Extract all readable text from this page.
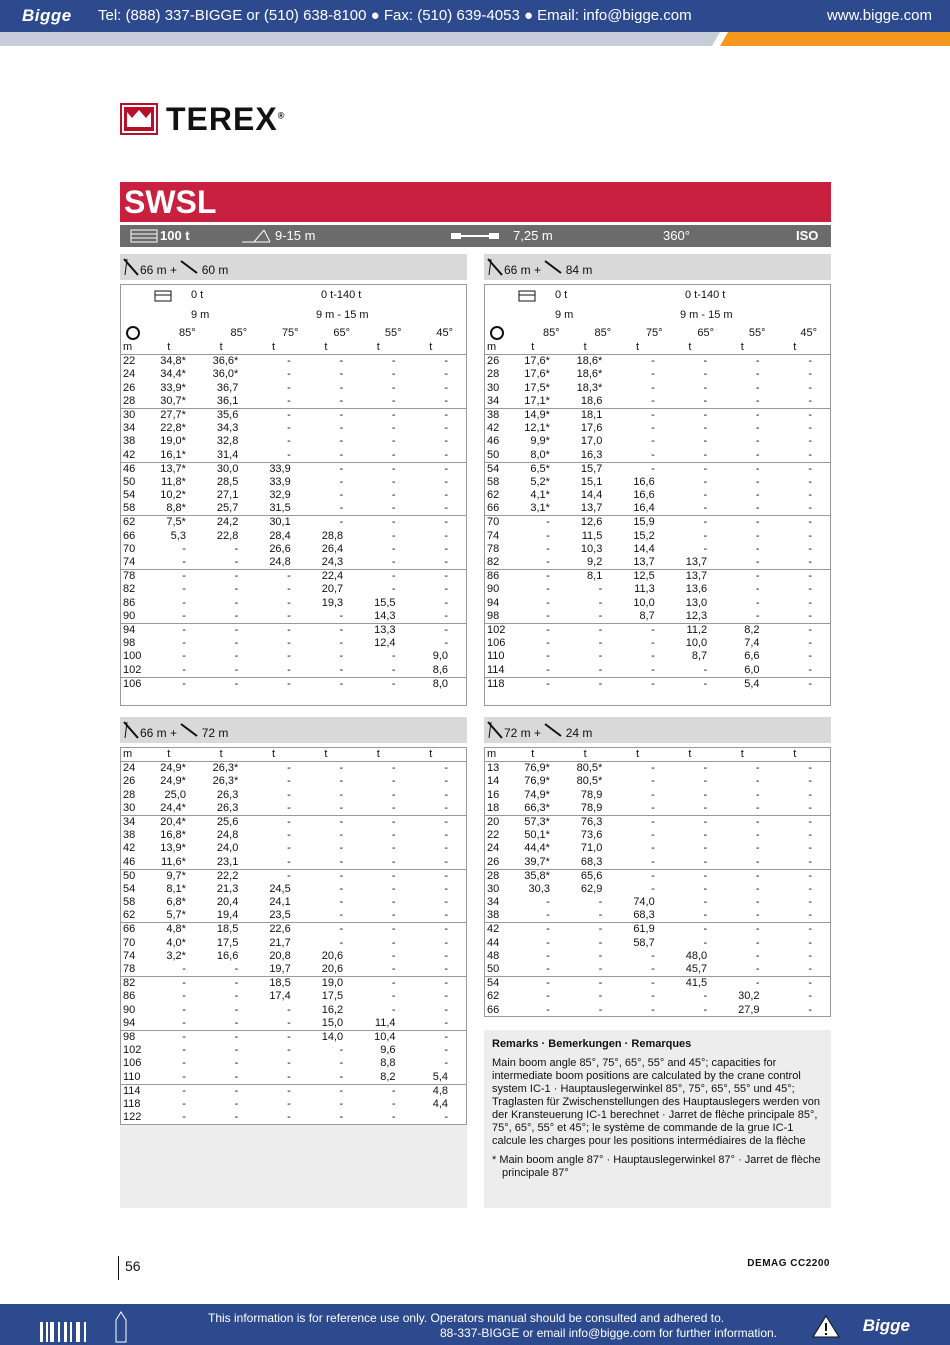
Bigge Tel: (888) 337-BIGGE or (510) 638-8100 ● Fax: (510) 639-4053 ● Email: info@bigge.com	www.bigge.com
TEREX®
SWSL
100 t	9-15 m	7,25 m	360°	ISO
66 m + 60 m
0 t	0 t-140 t
9 m	9 m - 15 m
85°	85°	75°	65°	55°	45°
m	t	t	t	t	t	t
22	34,8*	36,6*	-	-	-	-
24	34,4*	36,0*	-	-	-	-
26	33,9*	36,7	-	-	-	-
28	30,7*	36,1	-	-	-	-
30	27,7*	35,6	-	-	-	-
34	22,8*	34,3	-	-	-	-
38	19,0*	32,8	-	-	-	-
42	16,1*	31,4	-	-	-	-
46	13,7*	30,0	33,9	-	-	-
50	11,8*	28,5	33,9	-	-	-
54	10,2*	27,1	32,9	-	-	-
58	8,8*	25,7	31,5	-	-	-
62	7,5*	24,2	30,1	-	-	-
66	5,3	22,8	28,4	28,8	-	-
70	-	-	26,6	26,4	-	-
74	-	-	24,8	24,3	-	-
78	-	-	-	22,4	-	-
82	-	-	-	20,7	-	-
86	-	-	-	19,3	15,5	-
90	-	-	-	-	14,3	-
94	-	-	-	-	13,3	-
98	-	-	-	-	12,4	-
100	-	-	-	-	-	9,0
102	-	-	-	-	-	8,6
106	-	-	-	-	-	8,0
66 m + 84 m
0 t	0 t-140 t
9 m	9 m - 15 m
85°	85°	75°	65°	55°	45°
m	t	t	t	t	t	t
26	17,6*	18,6*	-	-	-	-
28	17,6*	18,6*	-	-	-	-
30	17,5*	18,3*	-	-	-	-
34	17,1*	18,6	-	-	-	-
38	14,9*	18,1	-	-	-	-
42	12,1*	17,6	-	-	-	-
46	9,9*	17,0	-	-	-	-
50	8,0*	16,3	-	-	-	-
54	6,5*	15,7	-	-	-	-
58	5,2*	15,1	16,6	-	-	-
62	4,1*	14,4	16,6	-	-	-
66	3,1*	13,7	16,4	-	-	-
70	-	12,6	15,9	-	-	-
74	-	11,5	15,2	-	-	-
78	-	10,3	14,4	-	-	-
82	-	9,2	13,7	13,7	-	-
86	-	8,1	12,5	13,7	-	-
90	-	-	11,3	13,6	-	-
94	-	-	10,0	13,0	-	-
98	-	-	8,7	12,3	-	-
102	-	-	-	11,2	8,2	-
106	-	-	-	10,0	7,4	-
110	-	-	-	8,7	6,6	-
114	-	-	-	-	6,0	-
118	-	-	-	-	5,4	-
66 m + 72 m
m	t	t	t	t	t	t
24	24,9*	26,3*	-	-	-	-
26	24,9*	26,3*	-	-	-	-
28	25,0	26,3	-	-	-	-
30	24,4*	26,3	-	-	-	-
34	20,4*	25,6	-	-	-	-
38	16,8*	24,8	-	-	-	-
42	13,9*	24,0	-	-	-	-
46	11,6*	23,1	-	-	-	-
50	9,7*	22,2	-	-	-	-
54	8,1*	21,3	24,5	-	-	-
58	6,8*	20,4	24,1	-	-	-
62	5,7*	19,4	23,5	-	-	-
66	4,8*	18,5	22,6	-	-	-
70	4,0*	17,5	21,7	-	-	-
74	3,2*	16,6	20,8	20,6	-	-
78	-	-	19,7	20,6	-	-
82	-	-	18,5	19,0	-	-
86	-	-	17,4	17,5	-	-
90	-	-	-	16,2	-	-
94	-	-	-	15,0	11,4	-
98	-	-	-	14,0	10,4	-
102	-	-	-	-	9,6	-
106	-	-	-	-	8,8	-
110	-	-	-	-	8,2	5,4
114	-	-	-	-	-	4,8
118	-	-	-	-	-	4,4
122	-	-	-	-	-	-
72 m + 24 m
m	t	t	t	t	t	t
13	76,9*	80,5*	-	-	-	-
14	76,9*	80,5*	-	-	-	-
16	74,9*	78,9	-	-	-	-
18	66,3*	78,9	-	-	-	-
20	57,3*	76,3	-	-	-	-
22	50,1*	73,6	-	-	-	-
24	44,4*	71,0	-	-	-	-
26	39,7*	68,3	-	-	-	-
28	35,8*	65,6	-	-	-	-
30	30,3	62,9	-	-	-	-
34	-	-	74,0	-	-	-
38	-	-	68,3	-	-	-
42	-	-	61,9	-	-	-
44	-	-	58,7	-	-	-
48	-	-	-	48,0	-	-
50	-	-	-	45,7	-	-
54	-	-	-	41,5	-	-
62	-	-	-	-	30,2	-
66	-	-	-	-	27,9	-
Remarks · Bemerkungen · Remarques
Main boom angle 85°, 75°, 65°, 55° and 45°; capacities for intermediate boom positions are calculated by the crane control system IC-1 · Hauptauslegerwinkel 85°, 75°, 65°, 55° und 45°; Traglasten für Zwischenstellungen des Hauptauslegers werden von der Kransteuerung IC-1 berechnet · Jarret de flèche principale 85°, 75°, 65°, 55° et 45°; le système de commande de la grue IC-1 calcule les charges pour les positions intermédiaires de la flèche
* Main boom angle 87° · Hauptauslegerwinkel 87° · Jarret de flèche principale 87°
56	DEMAG CC2200
This information is for reference use only. Operators manual should be consulted and adhered to.
88-337-BIGGE or email info@bigge.com for further information.	Bigge
